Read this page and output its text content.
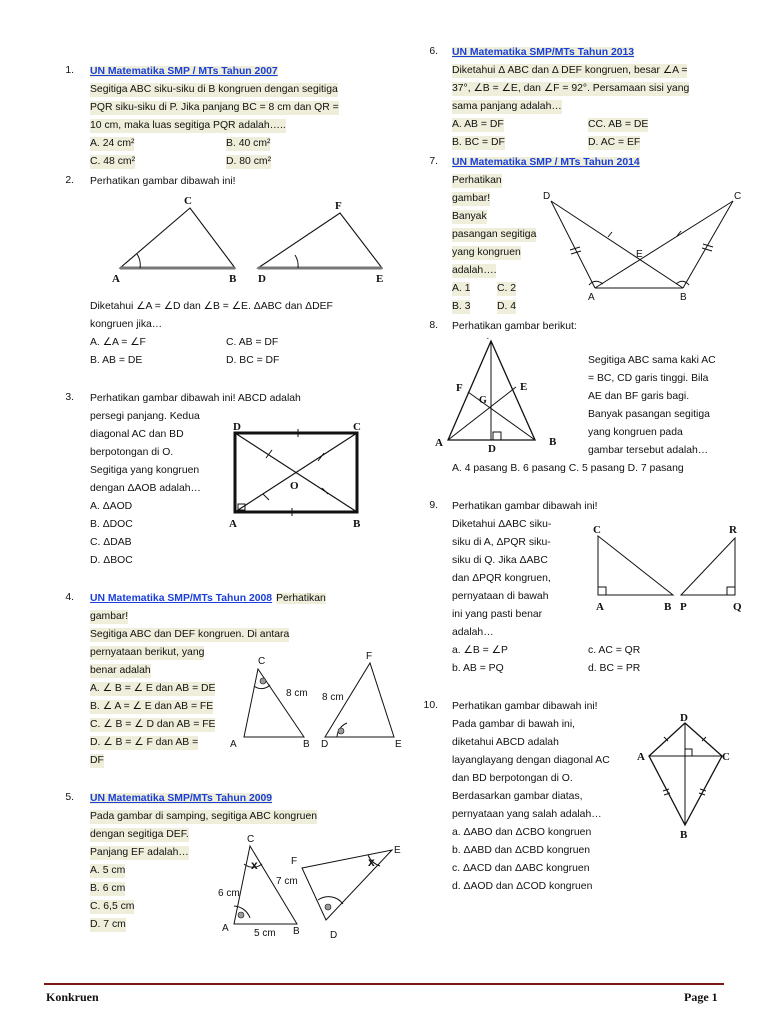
1. UN Matematika SMP / MTs Tahun 2007
Segitiga ABC siku-siku di B kongruen dengan segitiga
PQR siku-siku di P. Jika panjang BC = 8 cm dan QR =
10 cm, maka luas segitiga PQR adalah…..
A. 24 cm²	B. 40 cm²
C. 48 cm²	D. 80 cm²
2. Perhatikan gambar dibawah ini!
C	F
A	B D	E
Diketahui ∠A = ∠D dan ∠B = ∠E. ΔABC dan ΔDEF
kongruen jika…
A. ∠A = ∠F	C. AB = DF
B. AB = DE	D. BC = DF
3. Perhatikan gambar dibawah ini! ABCD adalah
persegi panjang. Kedua
diagonal AC dan BD
berpotongan di O.
Segitiga yang kongruen
dengan ΔAOB adalah…
A. ΔAOD
B. ΔDOC
C. ΔDAB
D. ΔBOC
D	C
A	B
O
4. UN Matematika SMP/MTs Tahun 2008 Perhatikan
gambar!
Segitiga ABC dan DEF kongruen. Di antara
pernyataan berikut, yang
benar adalah
A. ∠ B = ∠ E dan AB = DE
B. ∠ A = ∠ E dan AB = FE
C. ∠ B = ∠ D dan AB = FE
D. ∠ B = ∠ F dan AB =
DF
C	F
A	B D	E
8 cm 8 cm
5. UN Matematika SMP/MTs Tahun 2009
Pada gambar di samping, segitiga ABC kongruen
dengan segitiga DEF.
Panjang EF adalah…
A. 5 cm
B. 6 cm
C. 6,5 cm
D. 7 cm
C
F
E
A	B	D
6 cm
7 cm
5 cm
x	x
6. UN Matematika SMP/MTs Tahun 2013
Diketahui Δ ABC dan Δ DEF kongruen, besar ∠A =
37°, ∠B = ∠E, dan ∠F = 92°. Persamaan sisi yang
sama panjang adalah…
A. AB = DF	CC. AB = DE
B. BC = DF	D. AC = EF
7. UN Matematika SMP / MTs Tahun 2014
Perhatikan
gambar!
Banyak
pasangan segitiga
yang kongruen
adalah….
A. 1	C. 2
B. 3	D. 4
D	C
E
A	B
8. Perhatikan gambar berikut:
Segitiga ABC sama kaki AC
= BC, CD garis tinggi. Bila
AE dan BF garis bagi.
Banyak pasangan segitiga
yang kongruen pada
gambar tersebut adalah…
A. 4 pasang B. 6 pasang C. 5 pasang D. 7 pasang
.
F	E
G
A	D
B
9. Perhatikan gambar dibawah ini!
Diketahui ΔABC siku-
siku di A, ΔPQR siku-
siku di Q. Jika ΔABC
dan ΔPQR kongruen,
pernyataan di bawah
ini yang pasti benar
adalah…
a. ∠B = ∠P	c. AC = QR
b. AB = PQ	d. BC = PR
C	R
A	B P	Q
10. Perhatikan gambar dibawah ini!
Pada gambar di bawah ini,
diketahui ABCD adalah
layanglayang dengan diagonal AC
dan BD berpotongan di O.
Berdasarkan gambar diatas,
pernyataan yang salah adalah…
a. ΔABO dan ΔCBO kongruen
b. ΔABD dan ΔCBD kongruen
c. ΔACD dan ΔABC kongruen
d. ΔAOD dan ΔCOD kongruen
D
A	C
B
Konkruen	Page 1
